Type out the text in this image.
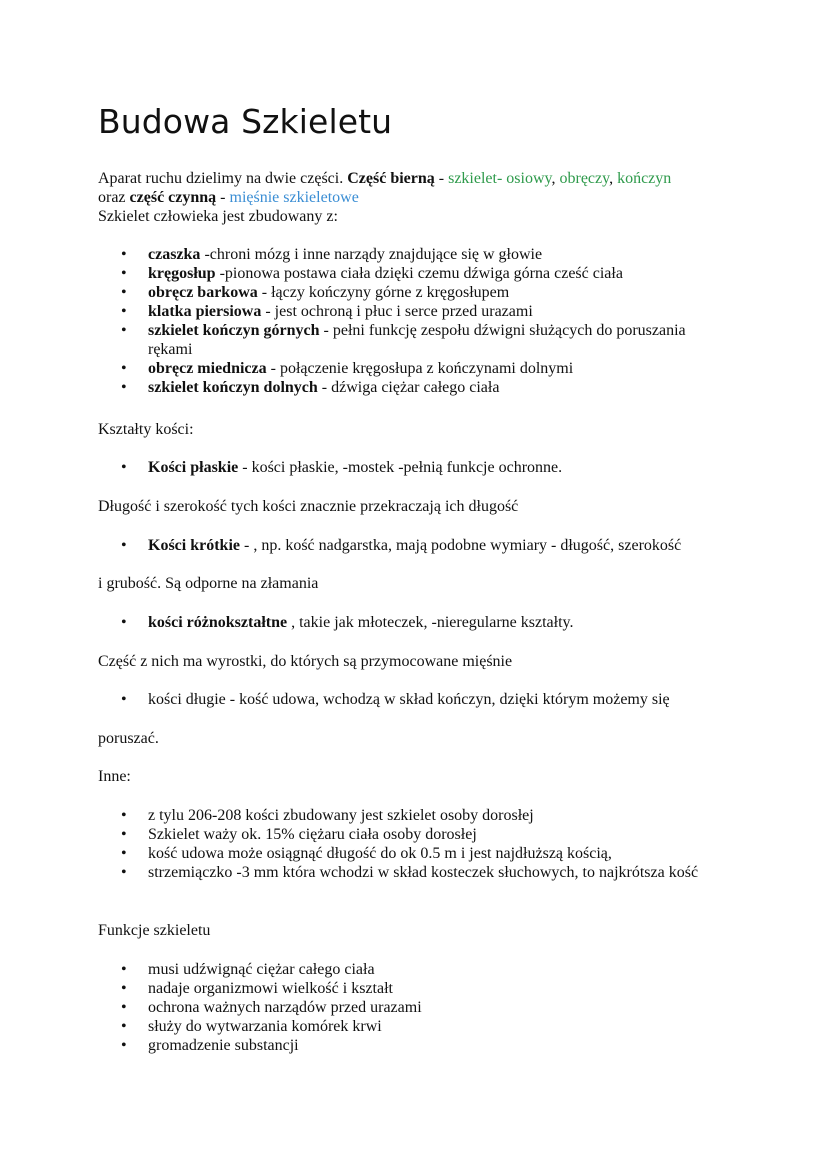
Budowa Szkieletu
Aparat ruchu dzielimy na dwie części. Część bierną - szkielet- osiowy, obręczy, kończyn
oraz część czynną - mięśnie szkieletowe
Szkielet człowieka jest zbudowany z:
• czaszka -chroni mózg i inne narządy znajdujące się w głowie
• kręgosłup -pionowa postawa ciała dzięki czemu dźwiga górna cześć ciała
• obręcz barkowa - łączy kończyny górne z kręgosłupem
• klatka piersiowa - jest ochroną i płuc i serce przed urazami
• szkielet kończyn górnych - pełni funkcję zespołu dźwigni służących do poruszania
rękami
• obręcz miednicza - połączenie kręgosłupa z kończynami dolnymi
• szkielet kończyn dolnych - dźwiga ciężar całego ciała
Kształty kości:
• Kości płaskie - kości płaskie, -mostek -pełnią funkcje ochronne.
Długość i szerokość tych kości znacznie przekraczają ich długość
• Kości krótkie - , np. kość nadgarstka, mają podobne wymiary - długość, szerokość
i grubość. Są odporne na złamania
• kości różnokształtne , takie jak młoteczek, -nieregularne kształty.
Część z nich ma wyrostki, do których są przymocowane mięśnie
• kości długie - kość udowa, wchodzą w skład kończyn, dzięki którym możemy się
poruszać.
Inne:
• z tylu 206-208 kości zbudowany jest szkielet osoby dorosłej
• Szkielet waży ok. 15% ciężaru ciała osoby dorosłej
• kość udowa może osiągnąć długość do ok 0.5 m i jest najdłuższą kością,
• strzemiączko -3 mm która wchodzi w skład kosteczek słuchowych, to najkrótsza kość
Funkcje szkieletu
• musi udźwignąć ciężar całego ciała
• nadaje organizmowi wielkość i kształt
• ochrona ważnych narządów przed urazami
• służy do wytwarzania komórek krwi
• gromadzenie substancji
